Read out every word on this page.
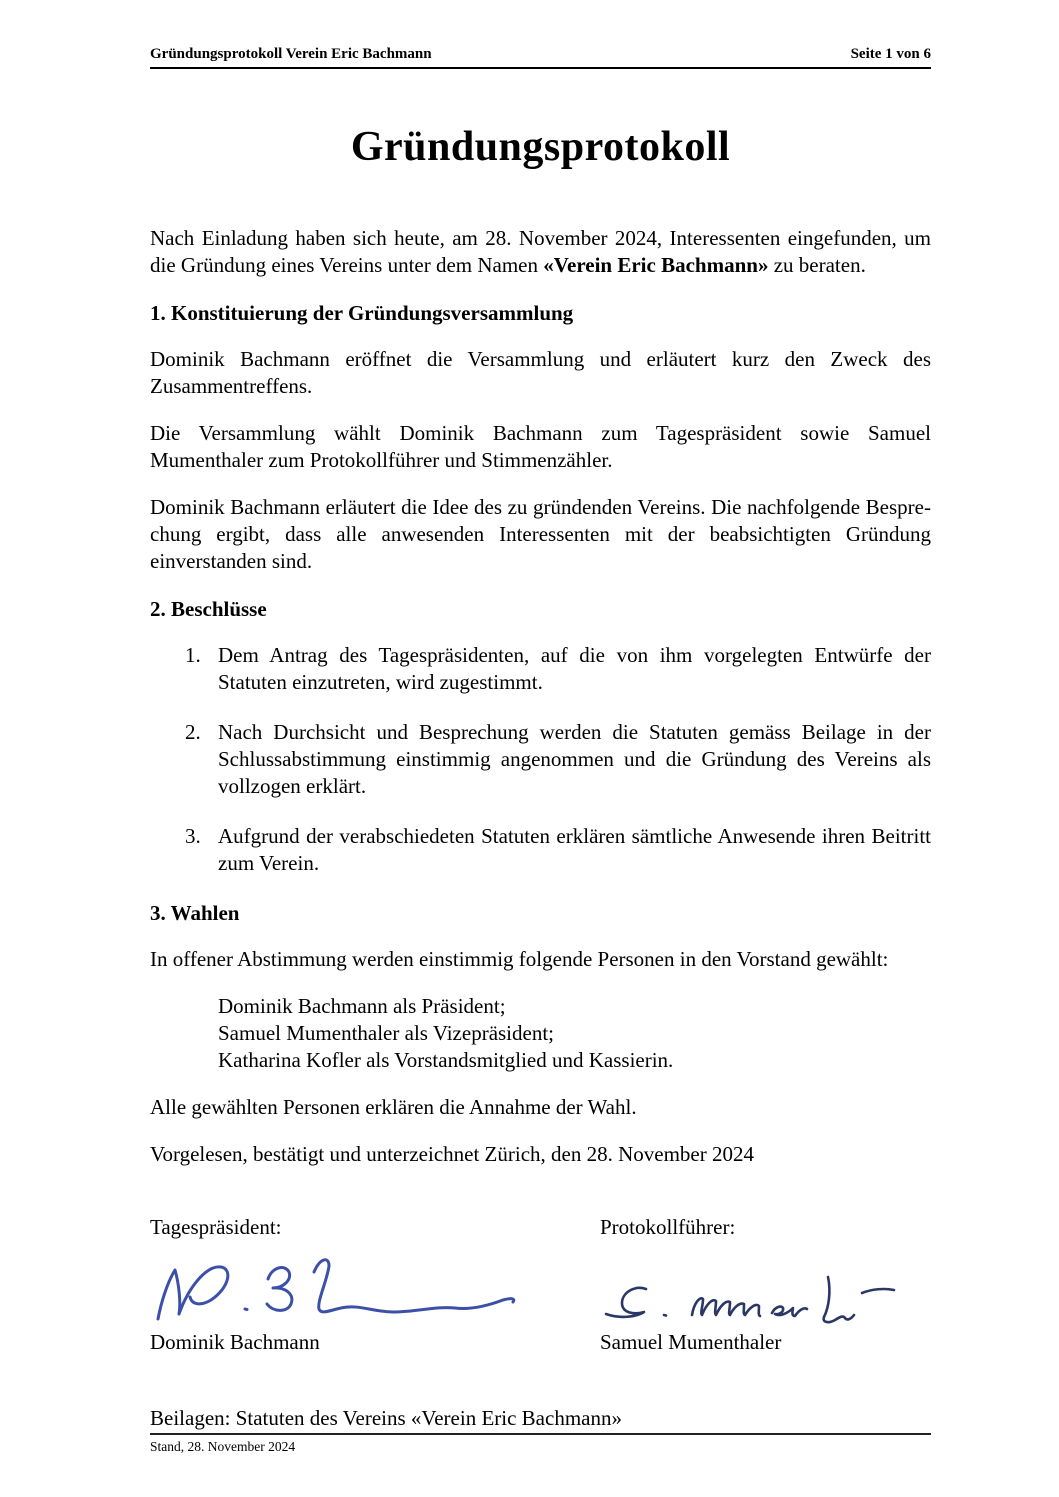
Gründungsprotokoll Verein Eric Bachmann	Seite 1 von 6
Gründungsprotokoll

Nach Einladung haben sich heute, am 28. November 2024, Interessenten eingefunden, um die Gründung eines Vereins unter dem Namen «Verein Eric Bachmann» zu beraten.

1. Konstituierung der Gründungsversammlung

Dominik Bachmann eröffnet die Versammlung und erläutert kurz den Zweck des Zusammentreffens.

Die Versammlung wählt Dominik Bachmann zum Tagespräsident sowie Samuel Mumenthaler zum Protokollführer und Stimmenzähler.

Dominik Bachmann erläutert die Idee des zu gründenden Vereins. Die nachfolgende Besprechung ergibt, dass alle anwesenden Interessenten mit der beabsichtigten Gründung einverstanden sind.

2. Beschlüsse
1. Dem Antrag des Tagespräsidenten, auf die von ihm vorgelegten Entwürfe der Statuten einzutreten, wird zugestimmt.
2. Nach Durchsicht und Besprechung werden die Statuten gemäss Beilage in der Schlussabstimmung einstimmig angenommen und die Gründung des Vereins als vollzogen erklärt.
3. Aufgrund der verabschiedeten Statuten erklären sämtliche Anwesende ihren Beitritt zum Verein.
3. Wahlen

In offener Abstimmung werden einstimmig folgende Personen in den Vorstand gewählt:

Dominik Bachmann als Präsident;
Samuel Mumenthaler als Vizepräsident;
Katharina Kofler als Vorstandsmitglied und Kassierin.

Alle gewählten Personen erklären die Annahme der Wahl.

Vorgelesen, bestätigt und unterzeichnet Zürich, den 28. November 2024

Tagespräsident:
Dominik Bachmann
Protokollführer:
Samuel Mumenthaler
Beilagen: Statuten des Vereins «Verein Eric Bachmann»
Stand, 28. November 2024
